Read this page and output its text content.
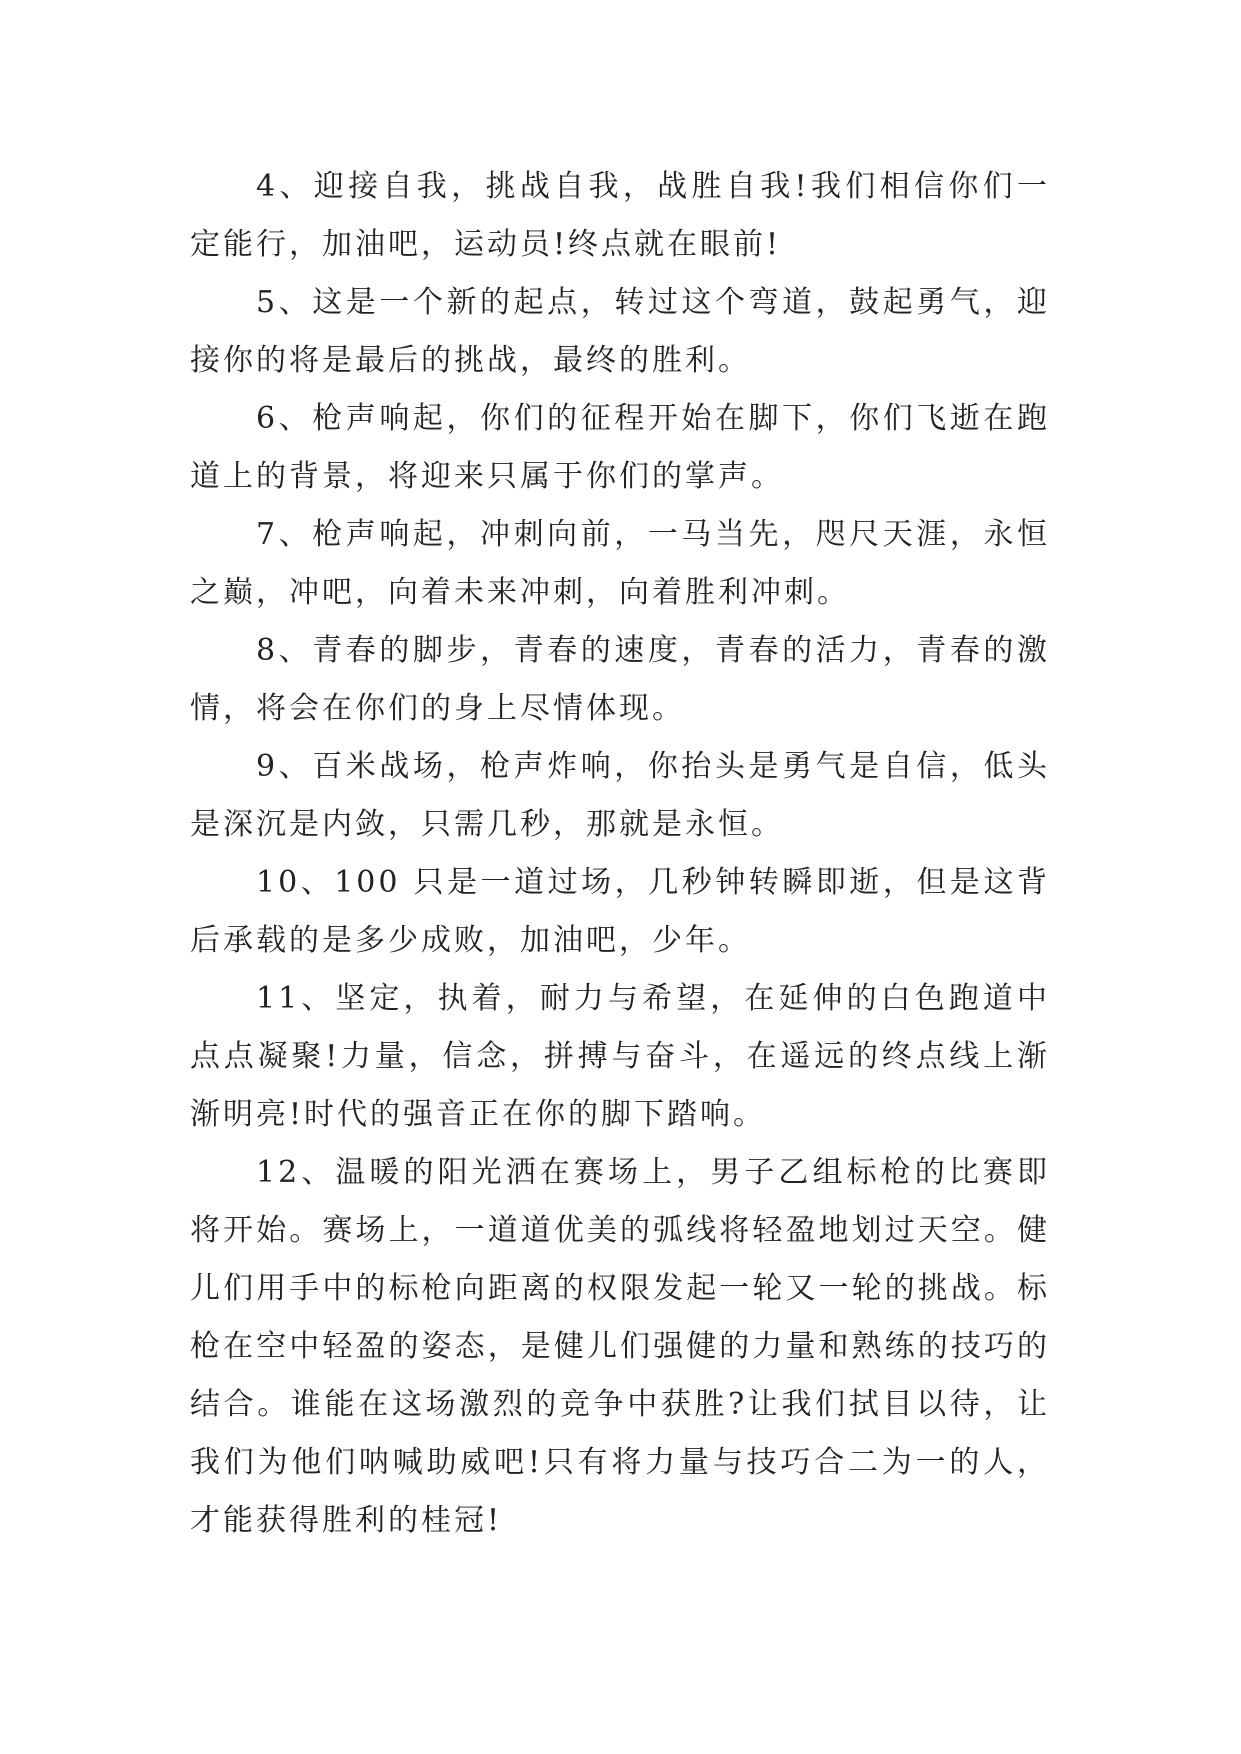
4、迎接自我，挑战自我，战胜自我!我们相信你们一定能行，加油吧，运动员!终点就在眼前!

5、这是一个新的起点，转过这个弯道，鼓起勇气，迎接你的将是最后的挑战，最终的胜利。

6、枪声响起，你们的征程开始在脚下，你们飞逝在跑道上的背景，将迎来只属于你们的掌声。

7、枪声响起，冲刺向前，一马当先，咫尺天涯，永恒之巅，冲吧，向着未来冲刺，向着胜利冲刺。

8、青春的脚步，青春的速度，青春的活力，青春的激情，将会在你们的身上尽情体现。

9、百米战场，枪声炸响，你抬头是勇气是自信，低头是深沉是内敛，只需几秒，那就是永恒。

10、100 只是一道过场，几秒钟转瞬即逝，但是这背后承载的是多少成败，加油吧，少年。

11、坚定，执着，耐力与希望，在延伸的白色跑道中点点凝聚!力量，信念，拼搏与奋斗，在遥远的终点线上渐渐明亮!时代的强音正在你的脚下踏响。

12、温暖的阳光洒在赛场上，男子乙组标枪的比赛即将开始。赛场上，一道道优美的弧线将轻盈地划过天空。健儿们用手中的标枪向距离的权限发起一轮又一轮的挑战。标枪在空中轻盈的姿态，是健儿们强健的力量和熟练的技巧的结合。谁能在这场激烈的竞争中获胜?让我们拭目以待，让我们为他们呐喊助威吧!只有将力量与技巧合二为一的人，才能获得胜利的桂冠!
